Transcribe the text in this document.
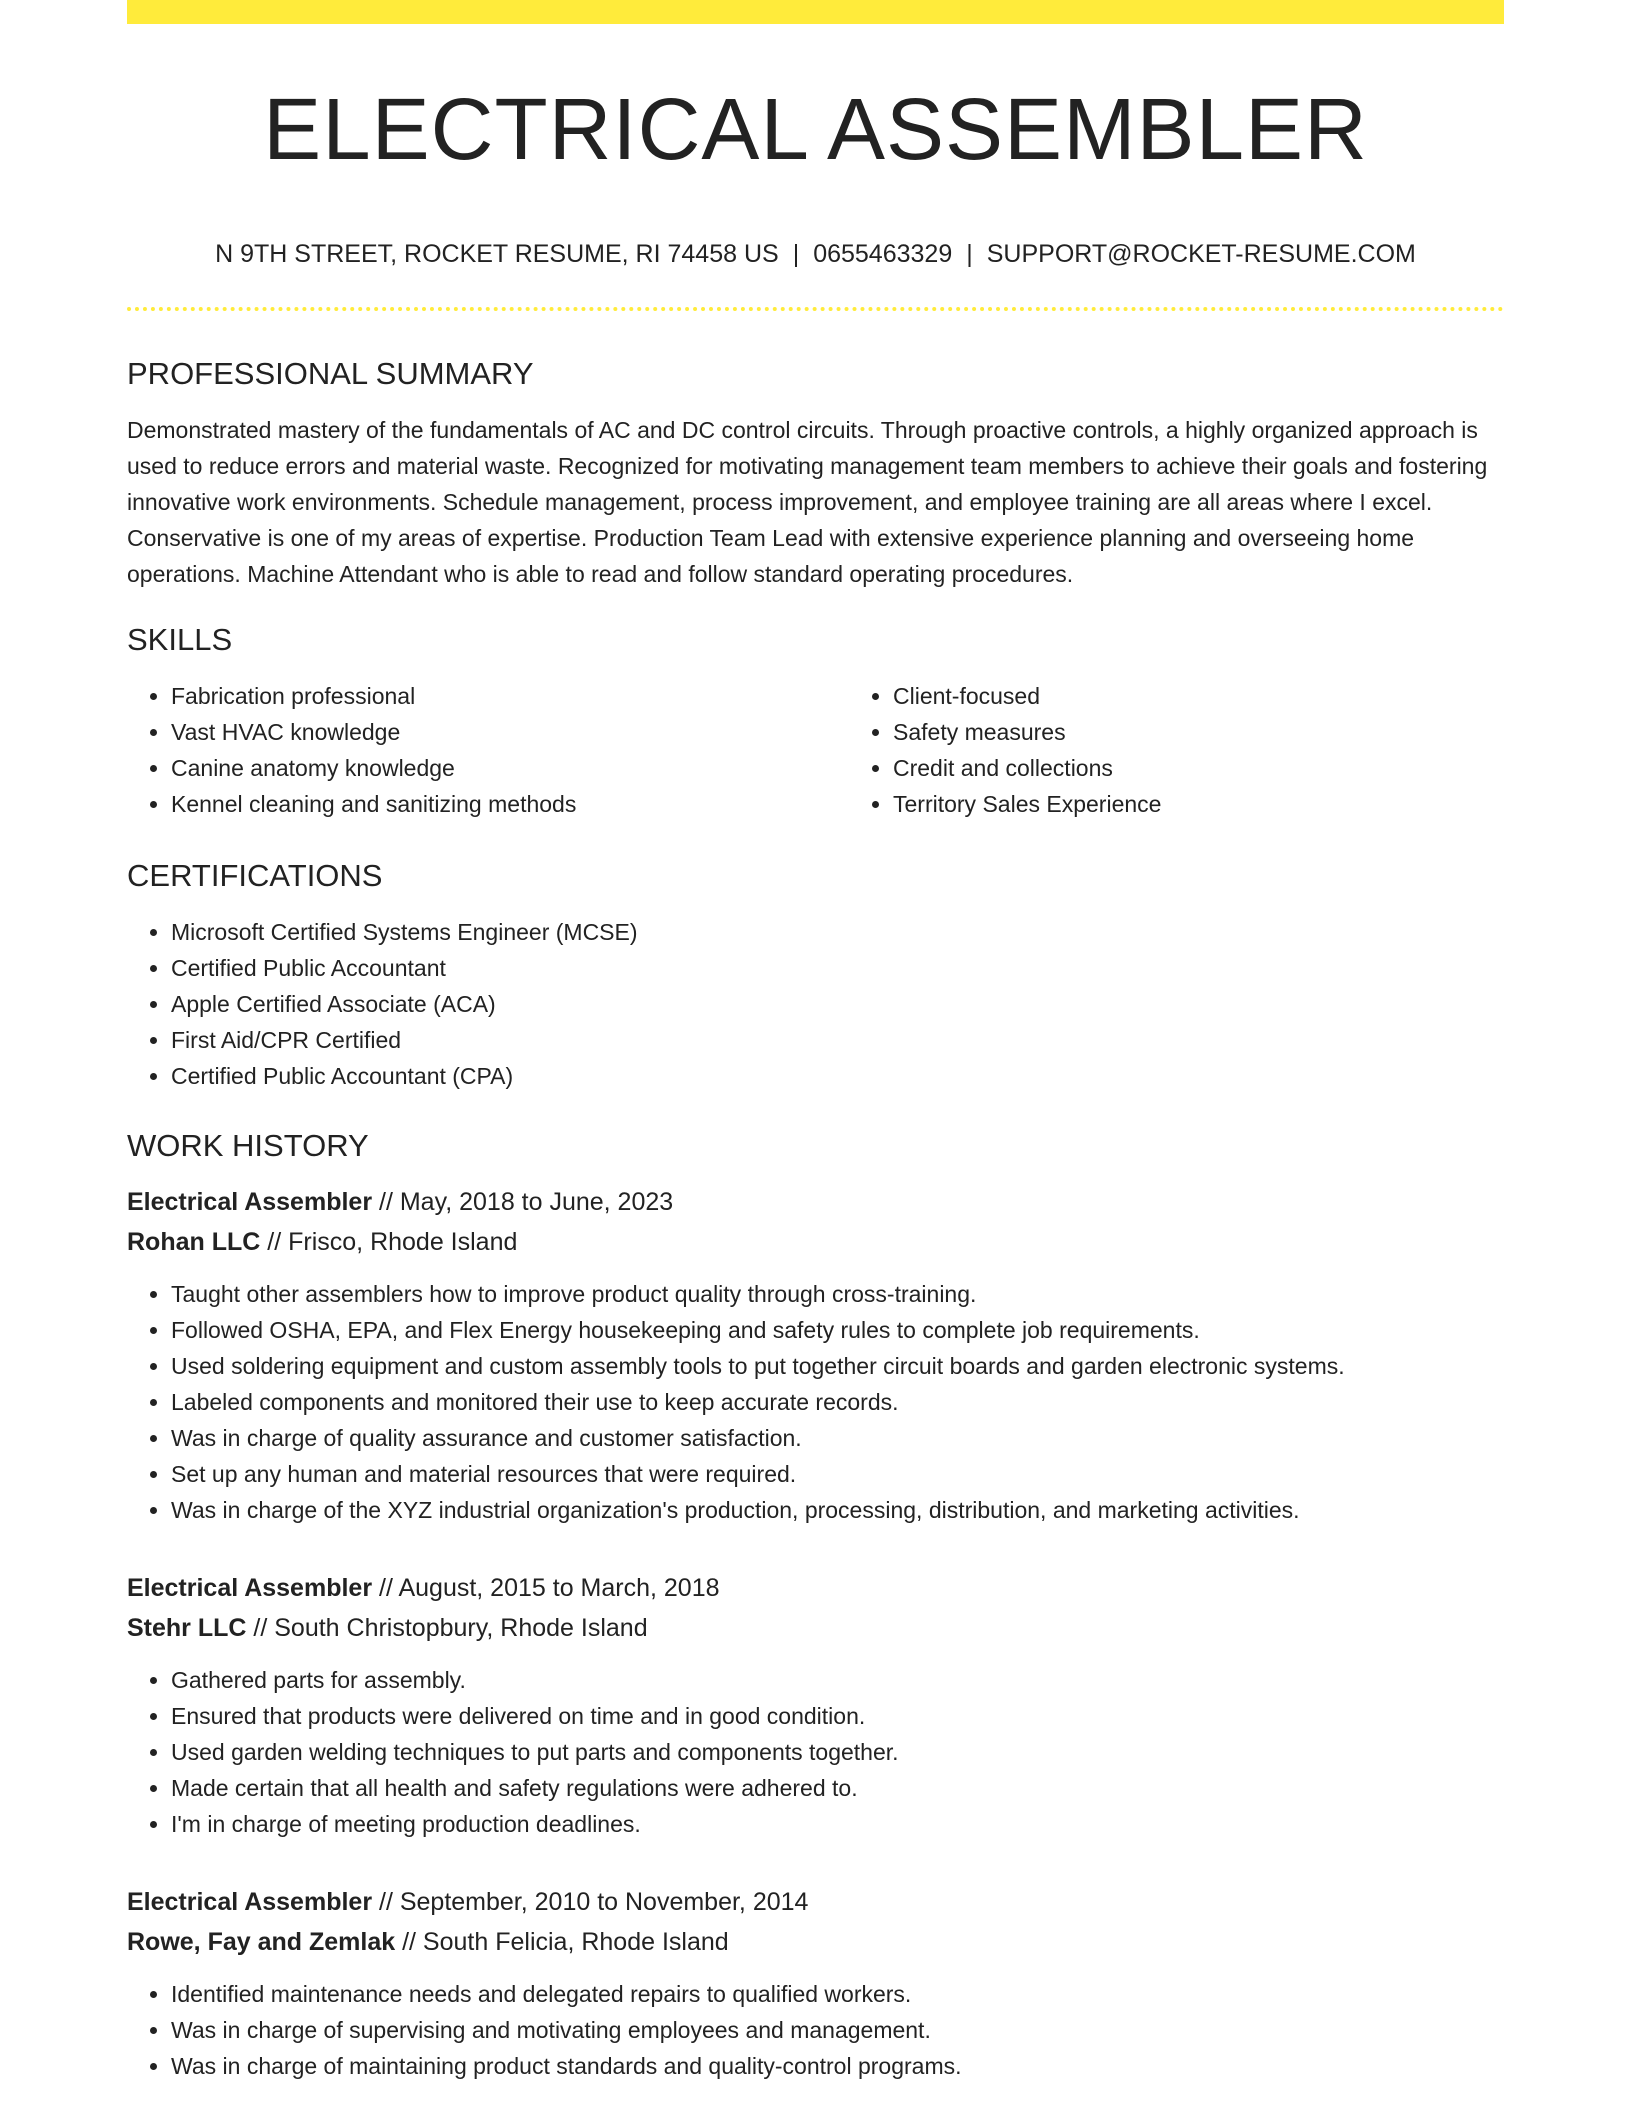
ELECTRICAL ASSEMBLER
N 9TH STREET, ROCKET RESUME, RI 74458 US | 0655463329 | SUPPORT@ROCKET-RESUME.COM
PROFESSIONAL SUMMARY

Demonstrated mastery of the fundamentals of AC and DC control circuits. Through proactive controls, a highly organized approach is used to reduce errors and material waste. Recognized for motivating management team members to achieve their goals and fostering innovative work environments. Schedule management, process improvement, and employee training are all areas where I excel. Conservative is one of my areas of expertise. Production Team Lead with extensive experience planning and overseeing home operations. Machine Attendant who is able to read and follow standard operating procedures.

SKILLS
• Fabrication professional
• Vast HVAC knowledge
• Canine anatomy knowledge
• Kennel cleaning and sanitizing methods
• Client-focused
• Safety measures
• Credit and collections
• Territory Sales Experience
CERTIFICATIONS
• Microsoft Certified Systems Engineer (MCSE)
• Certified Public Accountant
• Apple Certified Associate (ACA)
• First Aid/CPR Certified
• Certified Public Accountant (CPA)
WORK HISTORY
Electrical Assembler // May, 2018 to June, 2023
Rohan LLC // Frisco, Rhode Island
• Taught other assemblers how to improve product quality through cross-training.
• Followed OSHA, EPA, and Flex Energy housekeeping and safety rules to complete job requirements.
• Used soldering equipment and custom assembly tools to put together circuit boards and garden electronic systems.
• Labeled components and monitored their use to keep accurate records.
• Was in charge of quality assurance and customer satisfaction.
• Set up any human and material resources that were required.
• Was in charge of the XYZ industrial organization's production, processing, distribution, and marketing activities.
Electrical Assembler // August, 2015 to March, 2018
Stehr LLC // South Christopbury, Rhode Island
• Gathered parts for assembly.
• Ensured that products were delivered on time and in good condition.
• Used garden welding techniques to put parts and components together.
• Made certain that all health and safety regulations were adhered to.
• I'm in charge of meeting production deadlines.
Electrical Assembler // September, 2010 to November, 2014
Rowe, Fay and Zemlak // South Felicia, Rhode Island
• Identified maintenance needs and delegated repairs to qualified workers.
• Was in charge of supervising and motivating employees and management.
• Was in charge of maintaining product standards and quality-control programs.
